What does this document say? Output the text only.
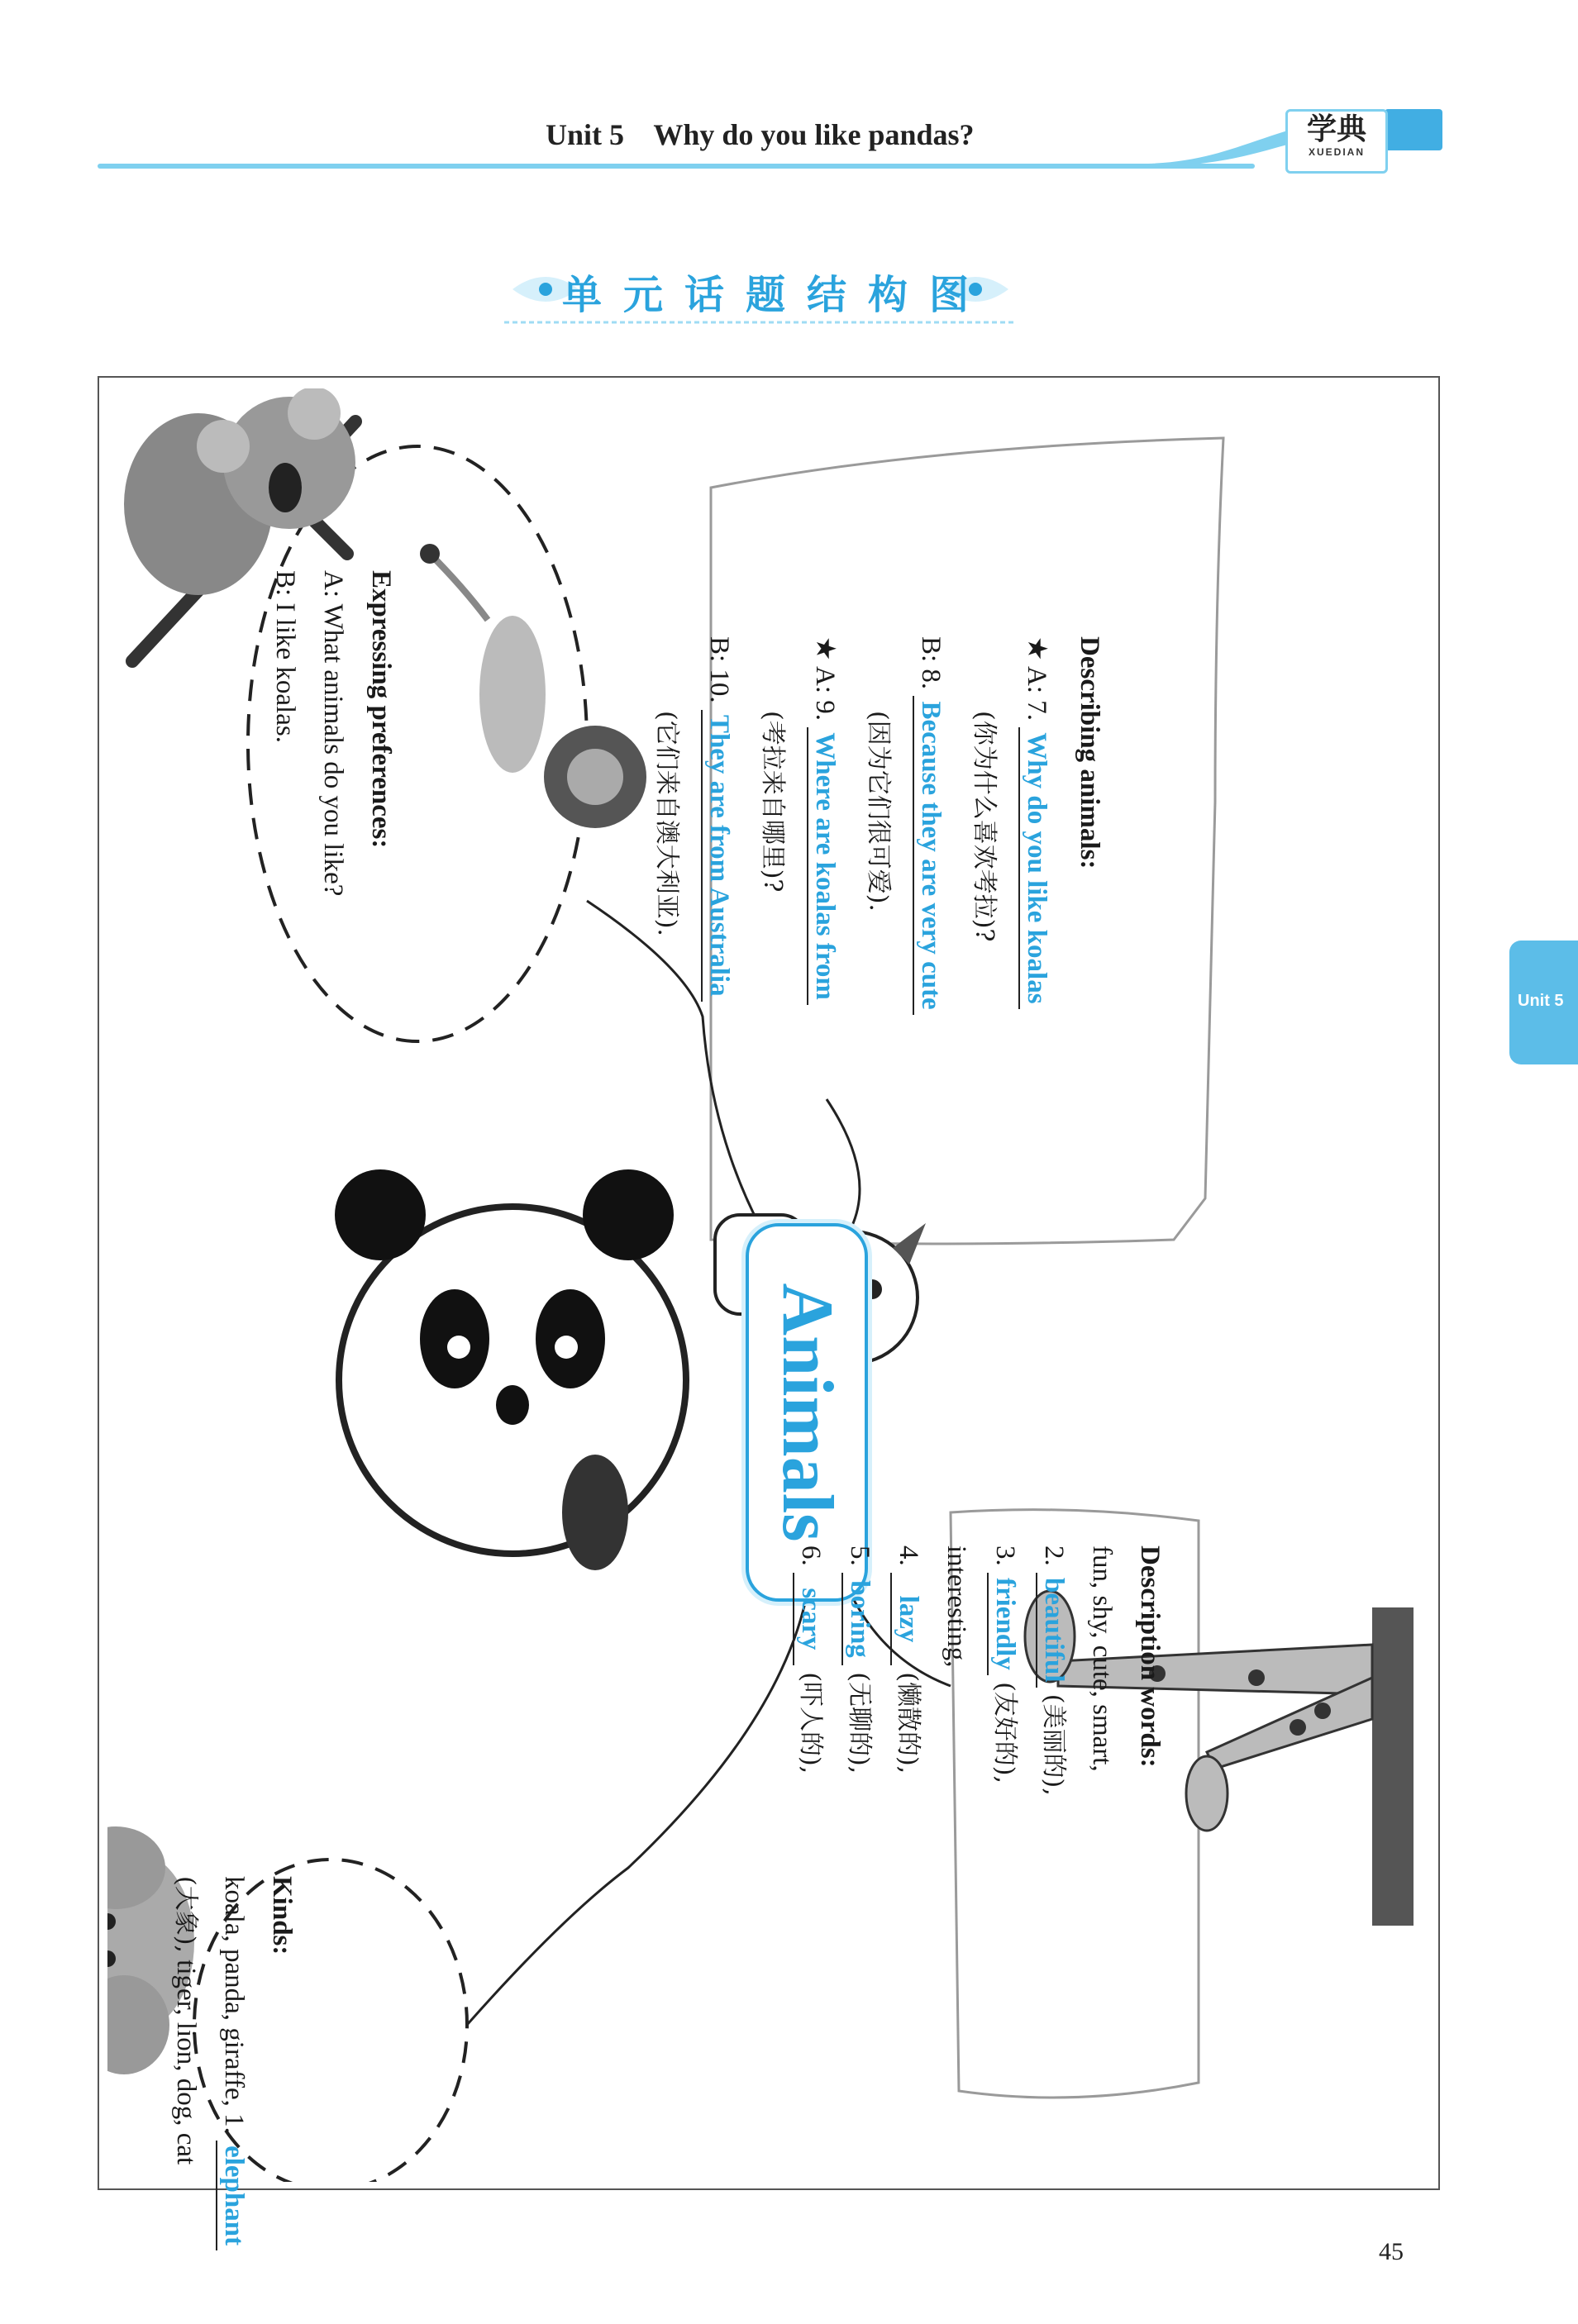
Unit 5    Why do you like pandas?	学典
XUEDIAN
单元话题结构图
Animals
Expressing preferences:
A: What animals do you like?
B: I like koalas.
Kinds:
koala, panda, giraffe, 1. elephant
(大象), tiger, lion, dog, cat
Describing animals:
★ A: 7. Why do you like koalas
(你为什么喜欢考拉)?
B: 8. Because they are very cute
(因为它们很可爱).
★ A: 9. Where are koalas from
(考拉来自哪里)?
B: 10. They are from Australia
(它们来自澳大利亚).
Description words:
fun, shy, cute, smart,
2. beautiful (美丽的),
3. friendly (友好的),
interesting,
4. lazy (懒散的),
5. boring (无聊的),
6. scary (吓人的),
Unit 5
45
